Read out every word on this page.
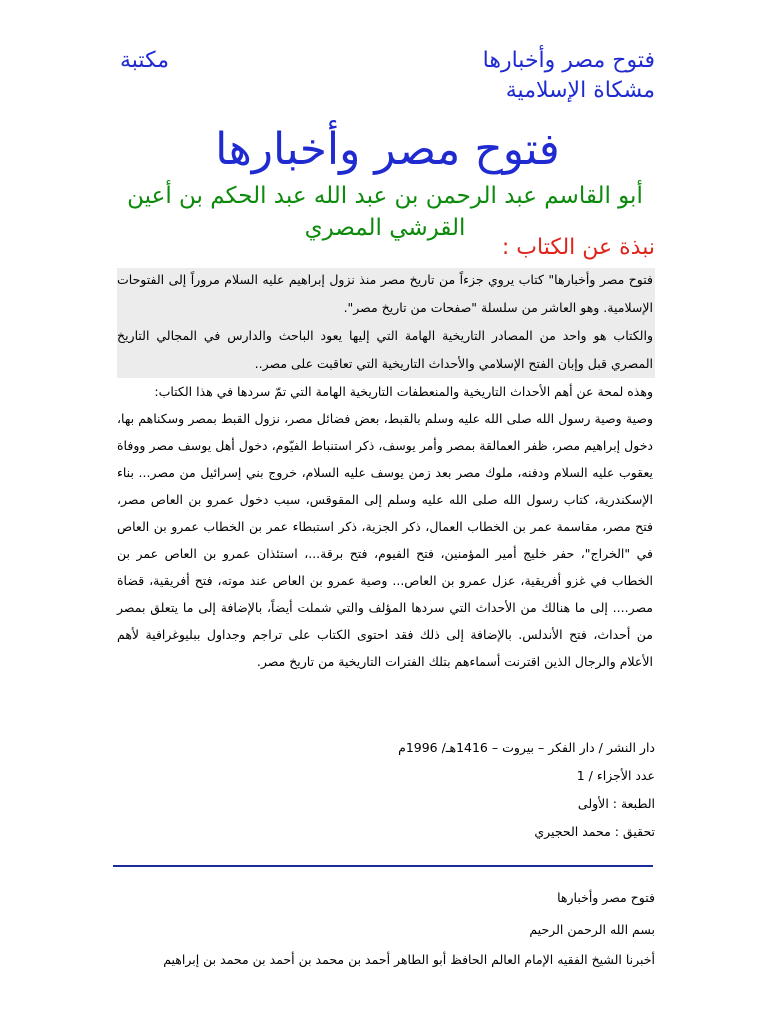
فتوح مصر وأخبارها
مكتبة
مشكاة الإسلامية
فتوح مصر وأخبارها
أبو القاسم عبد الرحمن بن عبد الله عبد الحكم بن أعين القرشي المصري
نبذة عن الكتاب :
فتوح مصر وأخبارها" كتاب يروي جزءاً من تاريخ مصر منذ نزول إبراهيم عليه السلام مروراً إلى الفتوحات الإسلامية. وهو العاشر من سلسلة "صفحات من تاريخ مصر".
والكتاب هو واحد من المصادر التاريخية الهامة التي إليها يعود الباحث والدارس في المجالي التاريخ المصري قبل وإبان الفتح الإسلامي والأحداث التاريخية التي تعاقبت على مصر..
وهذه لمحة عن أهم الأحداث التاريخية والمنعطفات التاريخية الهامة التي تمّ سردها في هذا الكتاب:
وصية وصية رسول الله صلى الله عليه وسلم بالقبط، بعض فضائل مصر، نزول القبط بمصر وسكناهم بها، دخول إبراهيم مصر، ظفر العمالقة بمصر وأمر يوسف، ذكر استنباط الفيّوم، دخول أهل يوسف مصر ووفاة يعقوب عليه السلام ودفنه، ملوك مصر بعد زمن يوسف عليه السلام، خروج بني إسرائيل من مصر... بناء الإسكندرية، كتاب رسول الله صلى الله عليه وسلم إلى المقوقس، سبب دخول عمرو بن العاص مصر، فتح مصر، مقاسمة عمر بن الخطاب العمال، ذكر الجزية، ذكر استبطاء عمر بن الخطاب عمرو بن العاص في "الخراج"، حفر خليج أمير المؤمنين، فتح الفيوم، فتح برقة...، استئذان عمرو بن العاص عمر بن الخطاب في غزو أفريقية، عزل عمرو بن العاص... وصية عمرو بن العاص عند موته، فتح أفريقية، قضاة مصر.... إلى ما هنالك من الأحداث التي سردها المؤلف والتي شملت أيضاً، بالإضافة إلى ما يتعلق بمصر من أحداث، فتح الأندلس. بالإضافة إلى ذلك فقد احتوى الكتاب على تراجم وجداول ببليوغرافية لأهم الأعلام والرجال الذين اقترنت أسماءهم بتلك الفترات التاريخية من تاريخ مصر.
دار النشر / دار الفكر – بيروت – 1416هـ/ 1996م
عدد الأجزاء / 1
الطبعة : الأولى
تحقيق : محمد الحجيري
فتوح مصر وأخبارها
بسم الله الرحمن الرحيم
أخبرنا الشيخ الفقيه الإمام العالم الحافظ أبو الطاهر أحمد بن محمد بن أحمد بن محمد بن إبراهيم
